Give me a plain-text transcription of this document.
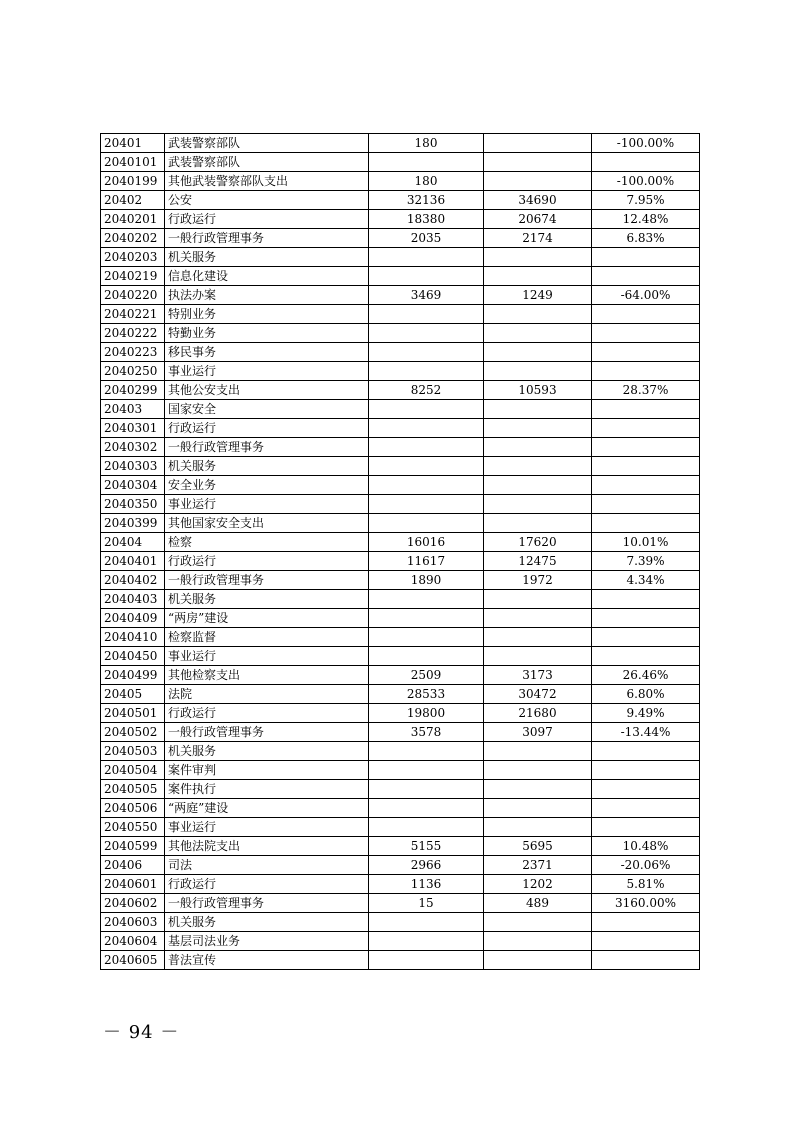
20401	武装警察部队	180		-100.00%
2040101	武装警察部队			
2040199	其他武装警察部队支出	180		-100.00%
20402	公安	32136	34690	7.95%
2040201	行政运行	18380	20674	12.48%
2040202	一般行政管理事务	2035	2174	6.83%
2040203	机关服务			
2040219	信息化建设			
2040220	执法办案	3469	1249	-64.00%
2040221	特别业务			
2040222	特勤业务			
2040223	移民事务			
2040250	事业运行			
2040299	其他公安支出	8252	10593	28.37%
20403	国家安全			
2040301	行政运行			
2040302	一般行政管理事务			
2040303	机关服务			
2040304	安全业务			
2040350	事业运行			
2040399	其他国家安全支出			
20404	检察	16016	17620	10.01%
2040401	行政运行	11617	12475	7.39%
2040402	一般行政管理事务	1890	1972	4.34%
2040403	机关服务			
2040409	“两房”建设			
2040410	检察监督			
2040450	事业运行			
2040499	其他检察支出	2509	3173	26.46%
20405	法院	28533	30472	6.80%
2040501	行政运行	19800	21680	9.49%
2040502	一般行政管理事务	3578	3097	-13.44%
2040503	机关服务			
2040504	案件审判			
2040505	案件执行			
2040506	“两庭”建设			
2040550	事业运行			
2040599	其他法院支出	5155	5695	10.48%
20406	司法	2966	2371	-20.06%
2040601	行政运行	1136	1202	5.81%
2040602	一般行政管理事务	15	489	3160.00%
2040603	机关服务			
2040604	基层司法业务			
2040605	普法宣传			
－ 94 －
